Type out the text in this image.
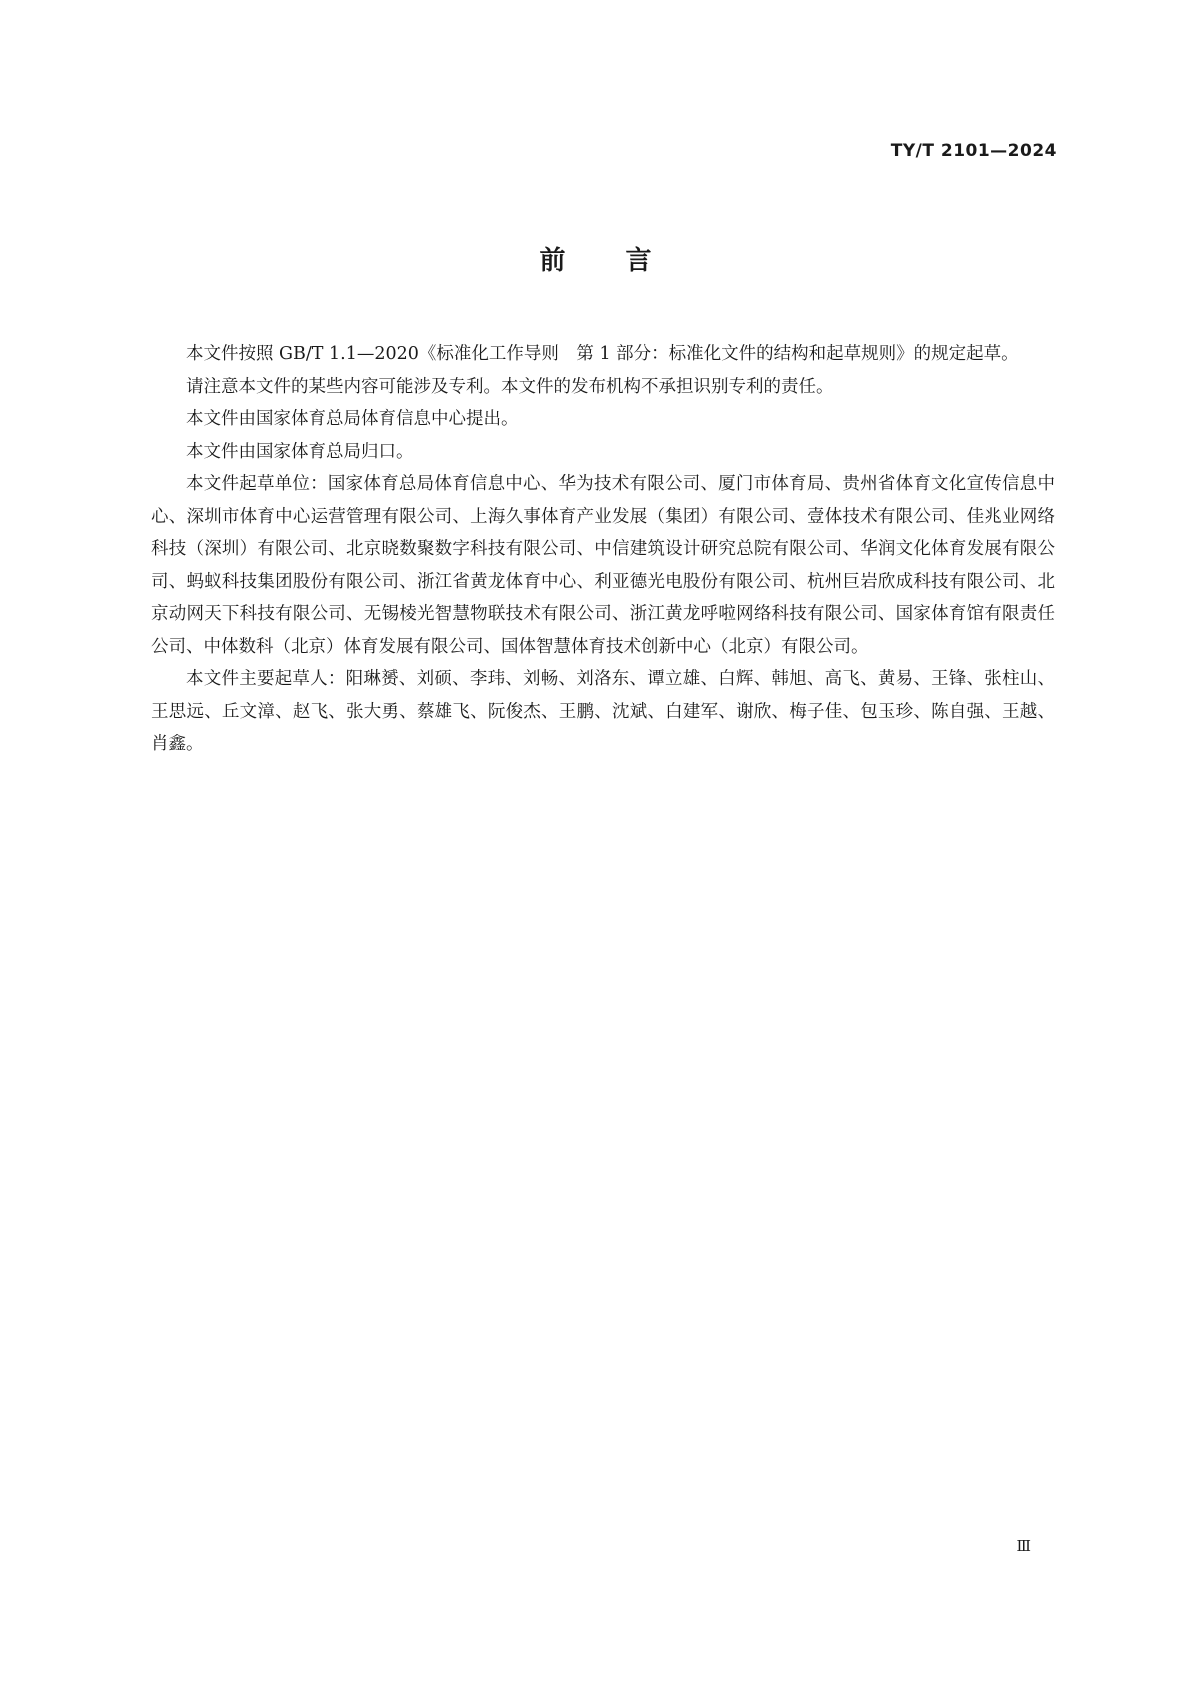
TY/T 2101—2024
前言

本文件按照 GB/T 1.1—2020《标准化工作导则　第 1 部分：标准化文件的结构和起草规则》的规定起草。

请注意本文件的某些内容可能涉及专利。本文件的发布机构不承担识别专利的责任。

本文件由国家体育总局体育信息中心提出。

本文件由国家体育总局归口。

本文件起草单位：国家体育总局体育信息中心、华为技术有限公司、厦门市体育局、贵州省体育文化宣传信息中心、深圳市体育中心运营管理有限公司、上海久事体育产业发展（集团）有限公司、壹体技术有限公司、佳兆业网络科技（深圳）有限公司、北京晓数聚数字科技有限公司、中信建筑设计研究总院有限公司、华润文化体育发展有限公司、蚂蚁科技集团股份有限公司、浙江省黄龙体育中心、利亚德光电股份有限公司、杭州巨岩欣成科技有限公司、北京动网天下科技有限公司、无锡棱光智慧物联技术有限公司、浙江黄龙呼啦网络科技有限公司、国家体育馆有限责任公司、中体数科（北京）体育发展有限公司、国体智慧体育技术创新中心（北京）有限公司。

本文件主要起草人：阳琳赟、刘硕、李玮、刘畅、刘洛东、谭立雄、白辉、韩旭、高飞、黄易、王锋、张柱山、王思远、丘文漳、赵飞、张大勇、蔡雄飞、阮俊杰、王鹏、沈斌、白建军、谢欣、梅子佳、包玉珍、陈自强、王越、肖鑫。

Ⅲ
